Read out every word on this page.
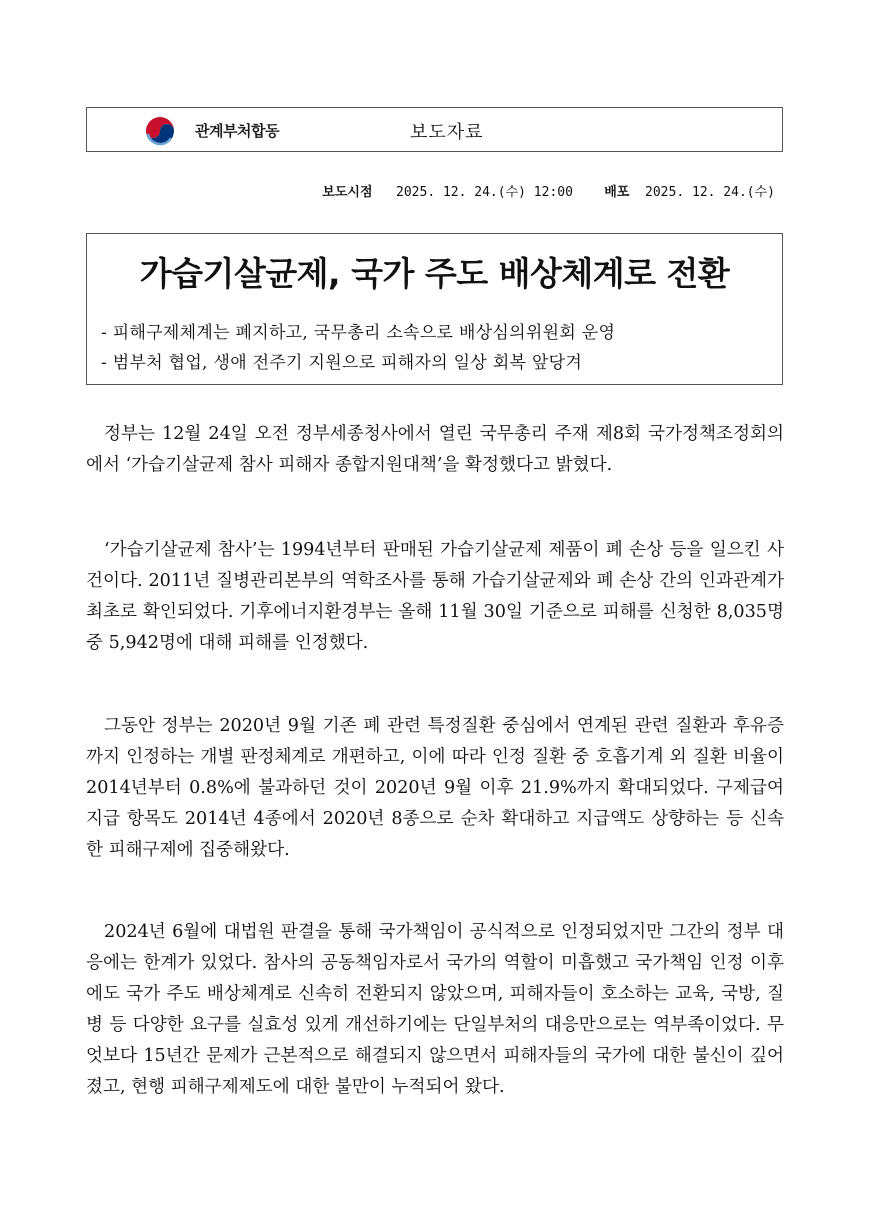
관계부처합동	보도자료
보도시점 2025. 12. 24.(수) 12:00 배포 2025. 12. 24.(수)
가습기살균제, 국가 주도 배상체계로 전환
- 피해구제체계는 폐지하고, 국무총리 소속으로 배상심의위원회 운영
- 범부처 협업, 생애 전주기 지원으로 피해자의 일상 회복 앞당겨

정부는 12월 24일 오전 정부세종청사에서 열린 국무총리 주재 제8회 국가정책조정회의에서 ‘가습기살균제 참사 피해자 종합지원대책’을 확정했다고 밝혔다.

‘가습기살균제 참사’는 1994년부터 판매된 가습기살균제 제품이 폐 손상 등을 일으킨 사건이다. 2011년 질병관리본부의 역학조사를 통해 가습기살균제와 폐 손상 간의 인과관계가 최초로 확인되었다. 기후에너지환경부는 올해 11월 30일 기준으로 피해를 신청한 8,035명 중 5,942명에 대해 피해를 인정했다.

그동안 정부는 2020년 9월 기존 폐 관련 특정질환 중심에서 연계된 관련 질환과 후유증까지 인정하는 개별 판정체계로 개편하고, 이에 따라 인정 질환 중 호흡기계 외 질환 비율이 2014년부터 0.8%에 불과하던 것이 2020년 9월 이후 21.9%까지 확대되었다. 구제급여 지급 항목도 2014년 4종에서 2020년 8종으로 순차 확대하고 지급액도 상향하는 등 신속한 피해구제에 집중해왔다.

2024년 6월에 대법원 판결을 통해 국가책임이 공식적으로 인정되었지만 그간의 정부 대응에는 한계가 있었다. 참사의 공동책임자로서 국가의 역할이 미흡했고 국가책임 인정 이후에도 국가 주도 배상체계로 신속히 전환되지 않았으며, 피해자들이 호소하는 교육, 국방, 질병 등 다양한 요구를 실효성 있게 개선하기에는 단일부처의 대응만으로는 역부족이었다. 무엇보다 15년간 문제가 근본적으로 해결되지 않으면서 피해자들의 국가에 대한 불신이 깊어졌고, 현행 피해구제제도에 대한 불만이 누적되어 왔다.
